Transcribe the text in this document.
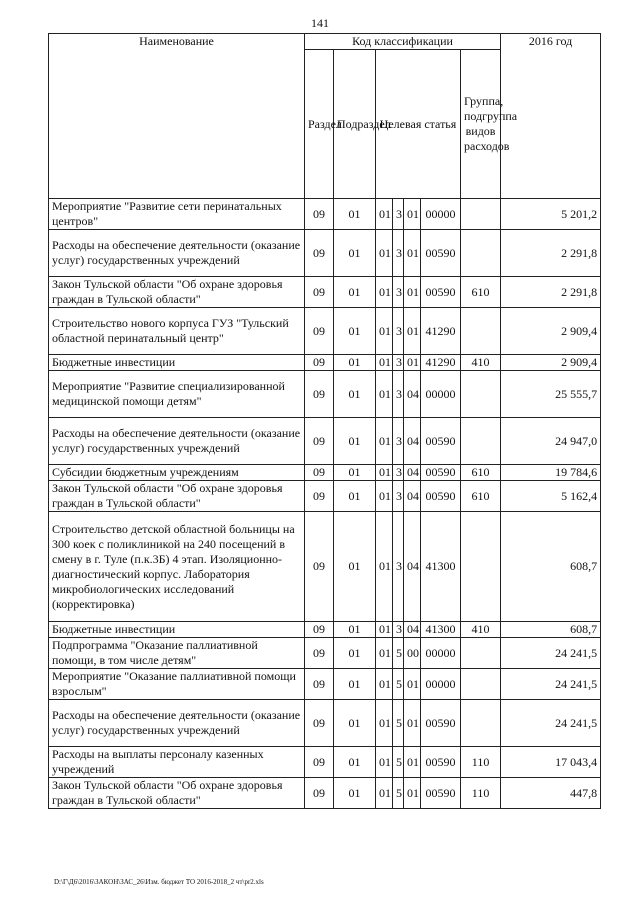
141
Наименование	Код классификации							2016 год
	Раздел	Подраздел	Целевая статья				Группа, подгруппа видов расходов	
Мероприятие "Развитие сети перинатальных центров"	09	01	01	3	01	00000		5 201,2
Расходы на обеспечение деятельности (оказание услуг) государственных учреждений	09	01	01	3	01	00590		2 291,8
Закон Тульской области "Об охране здоровья граждан в Тульской области"	09	01	01	3	01	00590	610	2 291,8
Строительство нового корпуса ГУЗ "Тульский областной перинатальный центр"	09	01	01	3	01	41290		2 909,4
Бюджетные инвестиции	09	01	01	3	01	41290	410	2 909,4
Мероприятие "Развитие специализированной медицинской помощи детям"	09	01	01	3	04	00000		25 555,7
Расходы на обеспечение деятельности (оказание услуг) государственных учреждений	09	01	01	3	04	00590		24 947,0
Субсидии бюджетным учреждениям	09	01	01	3	04	00590	610	19 784,6
Закон Тульской области "Об охране здоровья граждан в Тульской области"	09	01	01	3	04	00590	610	5 162,4
Строительство детской областной больницы на 300 коек с поликлиникой на 240 посещений в смену в г. Туле (п.к.3Б) 4 этап. Изоляционно-диагностический корпус. Лаборатория микробиологических исследований (корректировка)	09	01	01	3	04	41300		608,7
Бюджетные инвестиции	09	01	01	3	04	41300	410	608,7
Подпрограмма "Оказание паллиативной помощи, в том числе детям"	09	01	01	5	00	00000		24 241,5
Мероприятие "Оказание паллиативной помощи взрослым"	09	01	01	5	01	00000		24 241,5
Расходы на обеспечение деятельности (оказание услуг) государственных учреждений	09	01	01	5	01	00590		24 241,5
Расходы на выплаты персоналу казенных учреждений	09	01	01	5	01	00590	110	17 043,4
Закон Тульской области "Об охране здоровья граждан в Тульской области"	09	01	01	5	01	00590	110	447,8
D:\Г\Д6\2016\ЗАКОН\ЗАС_26\Изм. бюджет ТО 2016-2018_2 чт\pr2.xls
